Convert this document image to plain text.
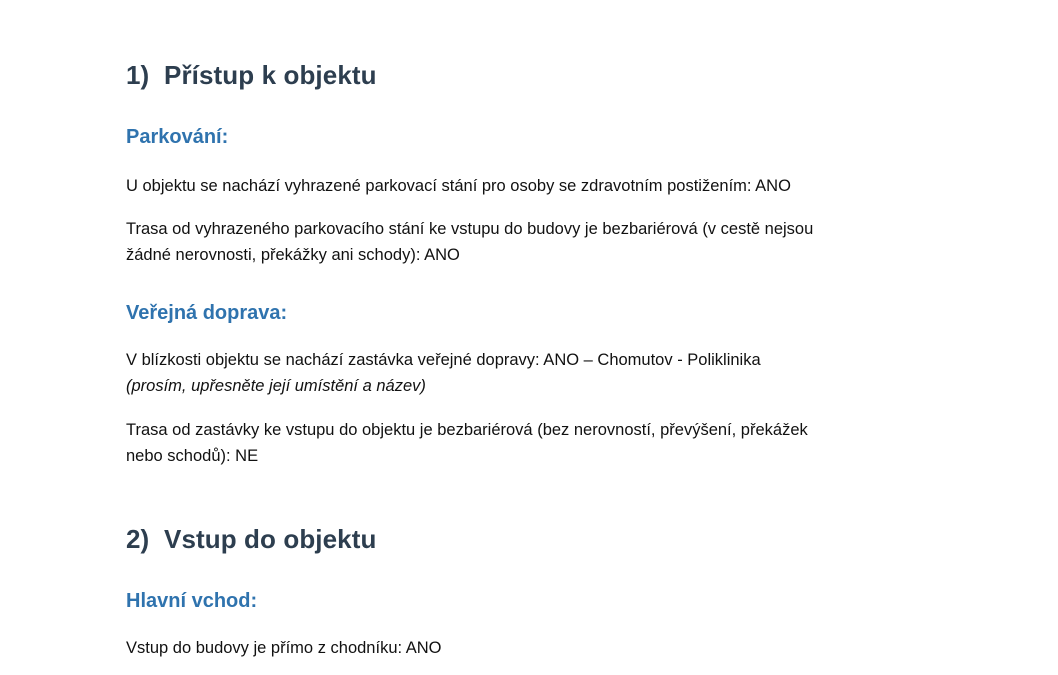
1) Přístup k objektu
Parkování:
U objektu se nachází vyhrazené parkovací stání pro osoby se zdravotním postižením: ANO
Trasa od vyhrazeného parkovacího stání ke vstupu do budovy je bezbariérová (v cestě nejsou
žádné nerovnosti, překážky ani schody): ANO
Veřejná doprava:
V blízkosti objektu se nachází zastávka veřejné dopravy: ANO – Chomutov - Poliklinika
(prosím, upřesněte její umístění a název)
Trasa od zastávky ke vstupu do objektu je bezbariérová (bez nerovností, převýšení, překážek
nebo schodů): NE
2) Vstup do objektu
Hlavní vchod:
Vstup do budovy je přímo z chodníku: ANO
